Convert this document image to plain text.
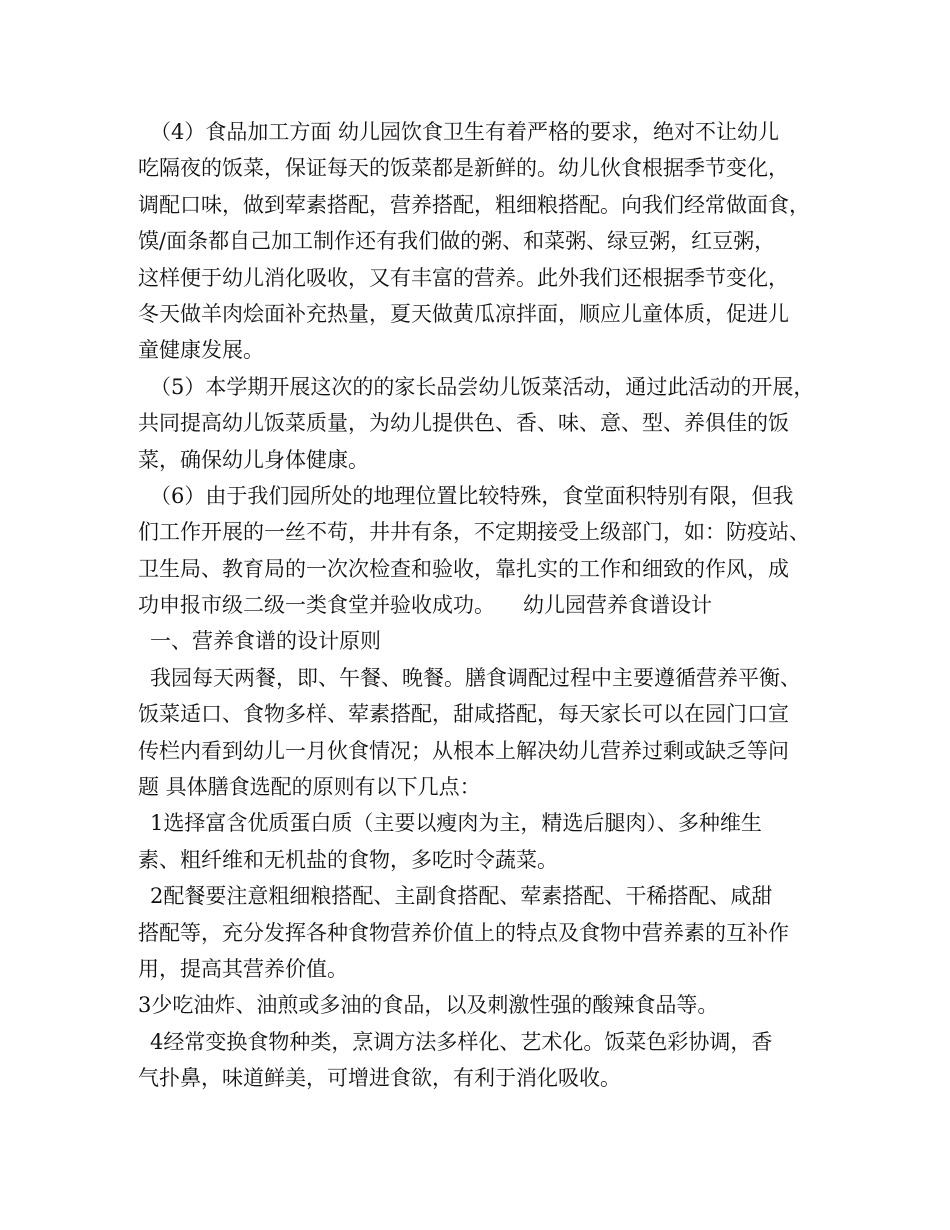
（4）食品加工方面 幼儿园饮食卫生有着严格的要求，绝对不让幼儿
吃隔夜的饭菜，保证每天的饭菜都是新鲜的。幼儿伙食根据季节变化，
调配口味，做到荤素搭配，营养搭配，粗细粮搭配。向我们经常做面食，
馍/面条都自己加工制作还有我们做的粥、和菜粥、绿豆粥，红豆粥，
这样便于幼儿消化吸收，又有丰富的营养。此外我们还根据季节变化，
冬天做羊肉烩面补充热量，夏天做黄瓜凉拌面，顺应儿童体质，促进儿
童健康发展。
（5）本学期开展这次的的家长品尝幼儿饭菜活动，通过此活动的开展，
共同提高幼儿饭菜质量，为幼儿提供色、香、味、意、型、养俱佳的饭
菜，确保幼儿身体健康。
（6）由于我们园所处的地理位置比较特殊，食堂面积特别有限，但我
们工作开展的一丝不苟，井井有条，不定期接受上级部门，如：防疫站、
卫生局、教育局的一次次检查和验收，靠扎实的工作和细致的作风，成
功申报市级二级一类食堂并验收成功。 幼儿园营养食谱设计
一、营养食谱的设计原则
我园每天两餐，即、午餐、晚餐。膳食调配过程中主要遵循营养平衡、
饭菜适口、食物多样、荤素搭配，甜咸搭配，每天家长可以在园门口宣
传栏内看到幼儿一月伙食情况；从根本上解决幼儿营养过剩或缺乏等问
题 具体膳食选配的原则有以下几点：
1选择富含优质蛋白质（主要以瘦肉为主，精选后腿肉）、多种维生
素、粗纤维和无机盐的食物，多吃时令蔬菜。
2配餐要注意粗细粮搭配、主副食搭配、荤素搭配、干稀搭配、咸甜
搭配等，充分发挥各种食物营养价值上的特点及食物中营养素的互补作
用，提高其营养价值。
3少吃油炸、油煎或多油的食品，以及刺激性强的酸辣食品等。
4经常变换食物种类，烹调方法多样化、艺术化。饭菜色彩协调，香
气扑鼻，味道鲜美，可增进食欲，有利于消化吸收。
